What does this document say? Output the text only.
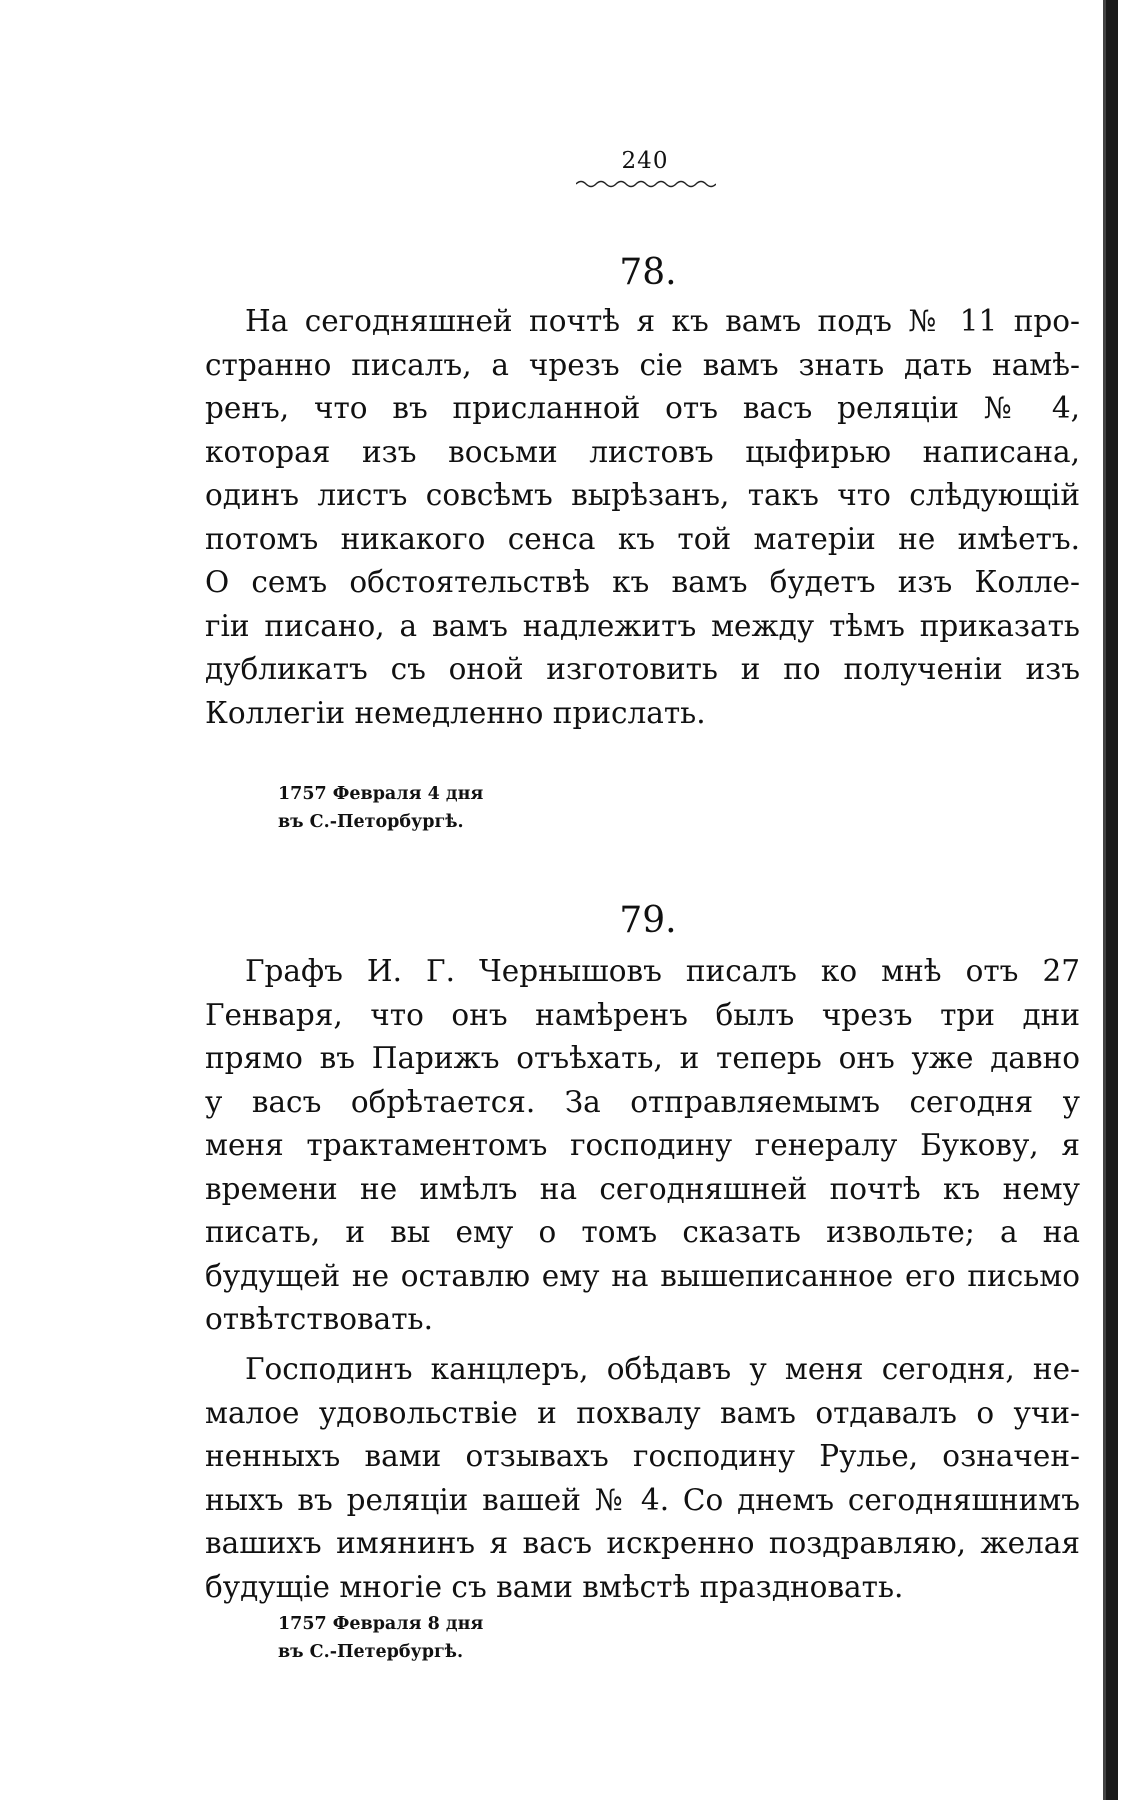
240
78.
На сегодняшней почтѣ я къ вамъ подъ № 11 про-
странно писалъ, а чрезъ сіе вамъ знать дать намѣ-
ренъ, что въ присланной отъ васъ реляціи № 4,
которая изъ восьми листовъ цыфирью написана,
одинъ листъ совсѣмъ вырѣзанъ, такъ что слѣдующій
потомъ никакого сенса къ той матеріи не имѣетъ.
О семъ обстоятельствѣ къ вамъ будетъ изъ Колле-
гіи писано, а вамъ надлежитъ между тѣмъ приказать
дубликатъ съ оной изготовить и по полученіи изъ
Коллегіи немедленно прислать.
1757 Февраля 4 дня
въ С.-Петорбургѣ.
79.
Графъ И. Г. Чернышовъ писалъ ко мнѣ отъ 27
Генваря, что онъ намѣренъ былъ чрезъ три дни
прямо въ Парижъ отъѣхать, и теперь онъ уже давно
у васъ обрѣтается. За отправляемымъ сегодня у
меня трактаментомъ господину генералу Букову, я
времени не имѣлъ на сегодняшней почтѣ къ нему
писать, и вы ему о томъ сказать извольте; а на
будущей не оставлю ему на вышеписанное его письмо
отвѣтствовать.
Господинъ канцлеръ, обѣдавъ у меня сегодня, не-
малое удовольствіе и похвалу вамъ отдавалъ о учи-
ненныхъ вами отзывахъ господину Рулье, означен-
ныхъ въ реляціи вашей № 4. Со днемъ сегодняшнимъ
вашихъ имянинъ я васъ искренно поздравляю, желая
будущіе многіе съ вами вмѣстѣ праздновать.
1757 Февраля 8 дня
въ С.-Петербургѣ.
